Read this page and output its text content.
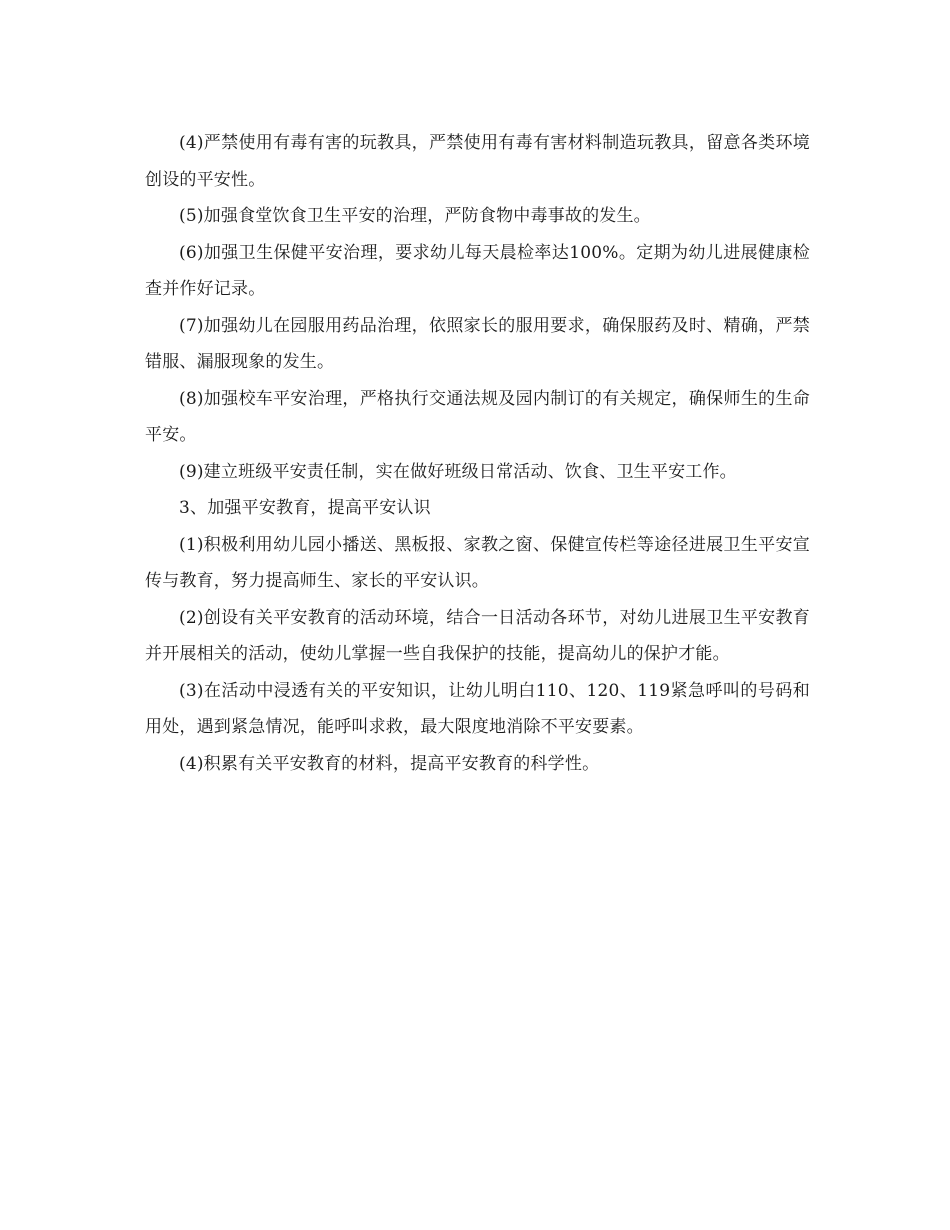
(4)严禁使用有毒有害的玩教具，严禁使用有毒有害材料制造玩教具，留意各类环境创设的平安性。

(5)加强食堂饮食卫生平安的治理，严防食物中毒事故的发生。

(6)加强卫生保健平安治理，要求幼儿每天晨检率达100%。定期为幼儿进展健康检查并作好记录。

(7)加强幼儿在园服用药品治理，依照家长的服用要求，确保服药及时、精确，严禁错服、漏服现象的发生。

(8)加强校车平安治理，严格执行交通法规及园内制订的有关规定，确保师生的生命平安。

(9)建立班级平安责任制，实在做好班级日常活动、饮食、卫生平安工作。

3、加强平安教育，提高平安认识

(1)积极利用幼儿园小播送、黑板报、家教之窗、保健宣传栏等途径进展卫生平安宣传与教育，努力提高师生、家长的平安认识。

(2)创设有关平安教育的活动环境，结合一日活动各环节，对幼儿进展卫生平安教育并开展相关的活动，使幼儿掌握一些自我保护的技能，提高幼儿的保护才能。

(3)在活动中浸透有关的平安知识，让幼儿明白110、120、119紧急呼叫的号码和用处，遇到紧急情况，能呼叫求救，最大限度地消除不平安要素。

(4)积累有关平安教育的材料，提高平安教育的科学性。
